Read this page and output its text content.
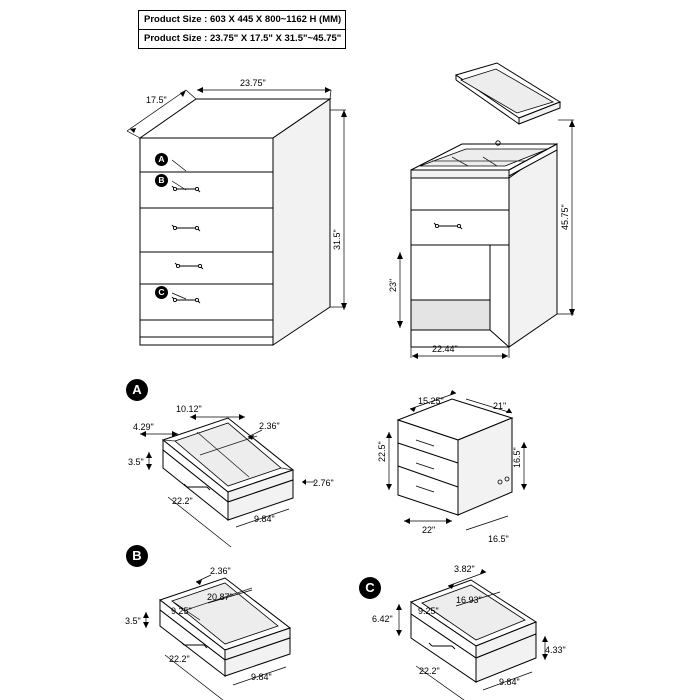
Product Size : 603 X 445 X 800~1162 H (MM)
Product Size : 23.75" X 17.5" X 31.5"~45.75"
17.5"
23.75"
31.5"
45.75"
23"
22.44"
10.12"
4.29"	2.36"
3.5"
2.76"
22.2"
9.84"
15.25"	21"
22.5"	16.5"
22"
16.5"
2.36"
9.25"
20.87"
3.5"
22.2"
9.84"
3.82"
9.25"
16.93"
6.42"
4.33"
22.2"
9.84"
A
B
C
A
B
C
